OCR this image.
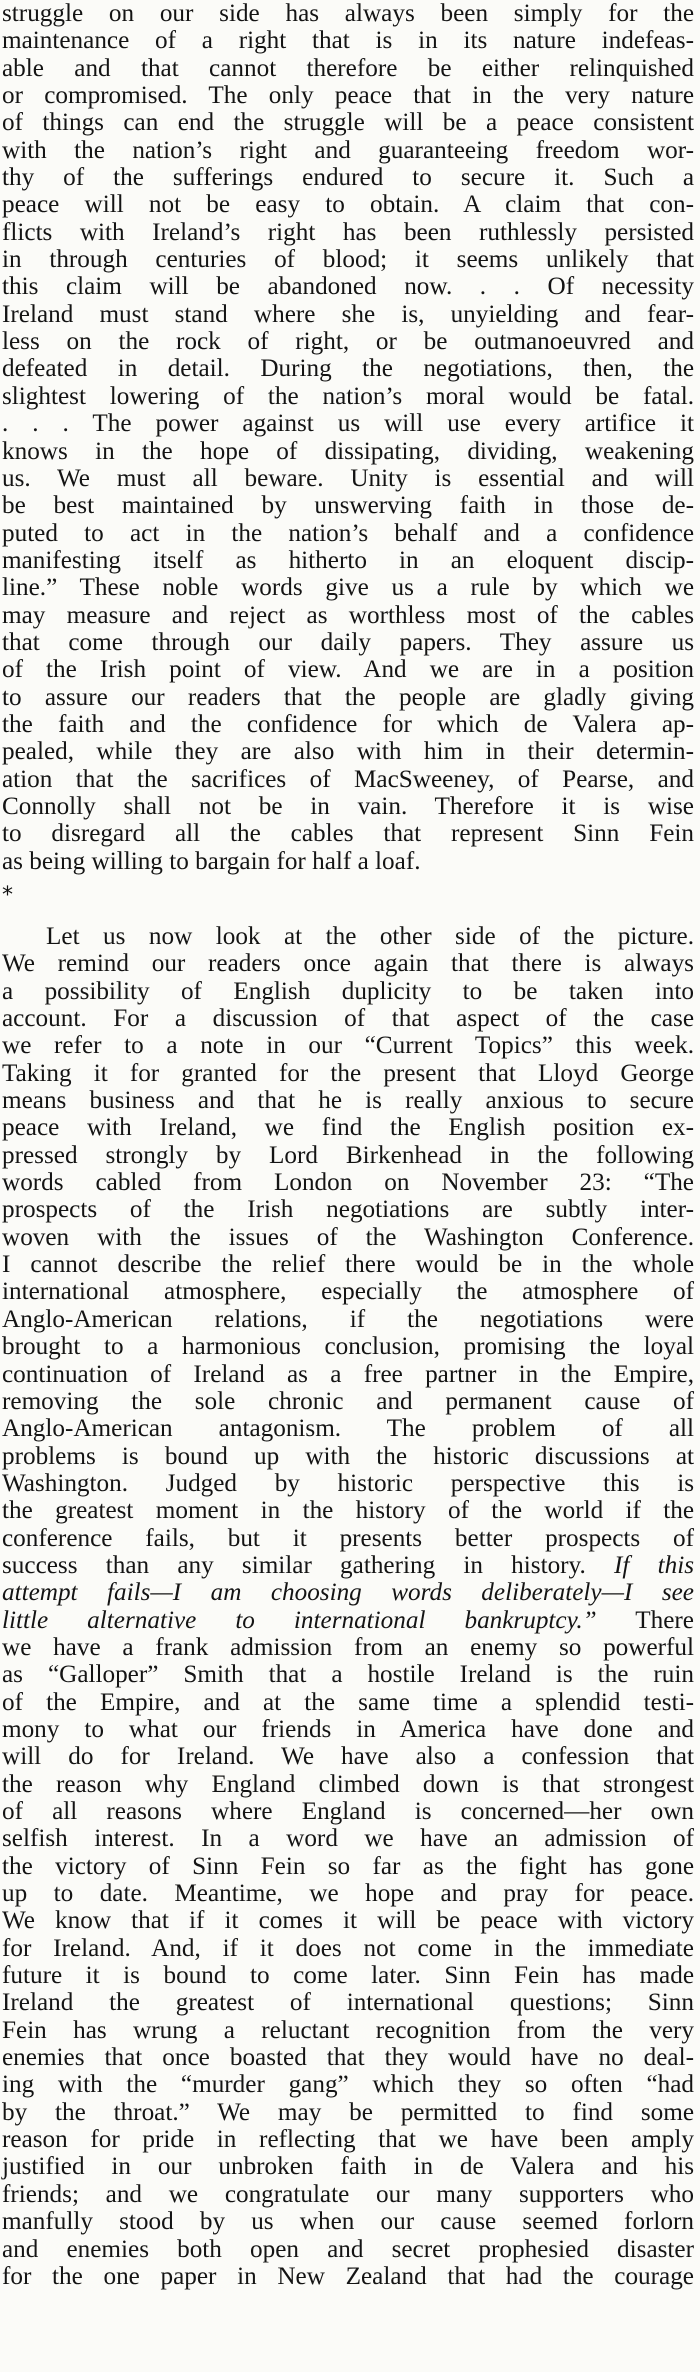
struggle on our side has always been simply for the
maintenance of a right that is in its nature indefeas-
able and that cannot therefore be either relinquished
or compromised. The only peace that in the very nature
of things can end the struggle will be a peace consistent
with the nation’s right and guaranteeing freedom wor-
thy of the sufferings endured to secure it. Such a
peace will not be easy to obtain. A claim that con-
flicts with Ireland’s right has been ruthlessly persisted
in through centuries of blood; it seems unlikely that
this claim will be abandoned now. . . Of necessity
Ireland must stand where she is, unyielding and fear-
less on the rock of right, or be outmanoeuvred and
defeated in detail. During the negotiations, then, the
slightest lowering of the nation’s moral would be fatal.
. . . The power against us will use every artifice it
knows in the hope of dissipating, dividing, weakening
us. We must all beware. Unity is essential and will
be best maintained by unswerving faith in those de-
puted to act in the nation’s behalf and a confidence
manifesting itself as hitherto in an eloquent discip-
line.” These noble words give us a rule by which we
may measure and reject as worthless most of the cables
that come through our daily papers. They assure us
of the Irish point of view. And we are in a position
to assure our readers that the people are gladly giving
the faith and the confidence for which de Valera ap-
pealed, while they are also with him in their determin-
ation that the sacrifices of MacSweeney, of Pearse, and
Connolly shall not be in vain. Therefore it is wise
to disregard all the cables that represent Sinn Fein
as being willing to bargain for half a loaf.

*

Let us now look at the other side of the picture.
We remind our readers once again that there is always
a possibility of English duplicity to be taken into
account. For a discussion of that aspect of the case
we refer to a note in our “Current Topics” this week.
Taking it for granted for the present that Lloyd George
means business and that he is really anxious to secure
peace with Ireland, we find the English position ex-
pressed strongly by Lord Birkenhead in the following
words cabled from London on November 23: “The
prospects of the Irish negotiations are subtly inter-
woven with the issues of the Washington Conference.
I cannot describe the relief there would be in the whole
international atmosphere, especially the atmosphere of
Anglo-American relations, if the negotiations were
brought to a harmonious conclusion, promising the loyal
continuation of Ireland as a free partner in the Empire,
removing the sole chronic and permanent cause of
Anglo-American antagonism. The problem of all
problems is bound up with the historic discussions at
Washington. Judged by historic perspective this is
the greatest moment in the history of the world if the
conference fails, but it presents better prospects of
success than any similar gathering in history. If this
attempt fails—I am choosing words deliberately—I see
little alternative to international bankruptcy.” There
we have a frank admission from an enemy so powerful
as “Galloper” Smith that a hostile Ireland is the ruin
of the Empire, and at the same time a splendid testi-
mony to what our friends in America have done and
will do for Ireland. We have also a confession that
the reason why England climbed down is that strongest
of all reasons where England is concerned—her own
selfish interest. In a word we have an admission of
the victory of Sinn Fein so far as the fight has gone
up to date. Meantime, we hope and pray for peace.
We know that if it comes it will be peace with victory
for Ireland. And, if it does not come in the immediate
future it is bound to come later. Sinn Fein has made
Ireland the greatest of international questions; Sinn
Fein has wrung a reluctant recognition from the very
enemies that once boasted that they would have no deal-
ing with the “murder gang” which they so often “had
by the throat.” We may be permitted to find some
reason for pride in reflecting that we have been amply
justified in our unbroken faith in de Valera and his
friends; and we congratulate our many supporters who
manfully stood by us when our cause seemed forlorn
and enemies both open and secret prophesied disaster
for the one paper in New Zealand that had the courage
